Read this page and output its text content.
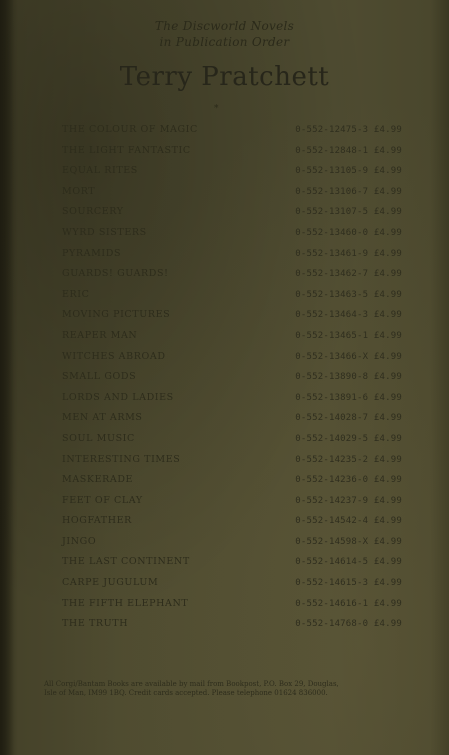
The Discworld Novels
in Publication Order
Terry Pratchett
*
THE COLOUR OF MAGIC	0-552-12475-3 £4.99
THE LIGHT FANTASTIC	0-552-12848-1 £4.99
EQUAL RITES	0-552-13105-9 £4.99
MORT	0-552-13106-7 £4.99
SOURCERY	0-552-13107-5 £4.99
WYRD SISTERS	0-552-13460-0 £4.99
PYRAMIDS	0-552-13461-9 £4.99
GUARDS! GUARDS!	0-552-13462-7 £4.99
ERIC	0-552-13463-5 £4.99
MOVING PICTURES	0-552-13464-3 £4.99
REAPER MAN	0-552-13465-1 £4.99
WITCHES ABROAD	0-552-13466-X £4.99
SMALL GODS	0-552-13890-8 £4.99
LORDS AND LADIES	0-552-13891-6 £4.99
MEN AT ARMS	0-552-14028-7 £4.99
SOUL MUSIC	0-552-14029-5 £4.99
INTERESTING TIMES	0-552-14235-2 £4.99
MASKERADE	0-552-14236-0 £4.99
FEET OF CLAY	0-552-14237-9 £4.99
HOGFATHER	0-552-14542-4 £4.99
JINGO	0-552-14598-X £4.99
THE LAST CONTINENT	0-552-14614-5 £4.99
CARPE JUGULUM	0-552-14615-3 £4.99
THE FIFTH ELEPHANT	0-552-14616-1 £4.99
THE TRUTH	0-552-14768-0 £4.99
All Corgi/Bantam Books are available by mail from Bookpost, P.O. Box 29, Douglas,
Isle of Man, IM99 1BQ. Credit cards accepted. Please telephone 01624 836000.
